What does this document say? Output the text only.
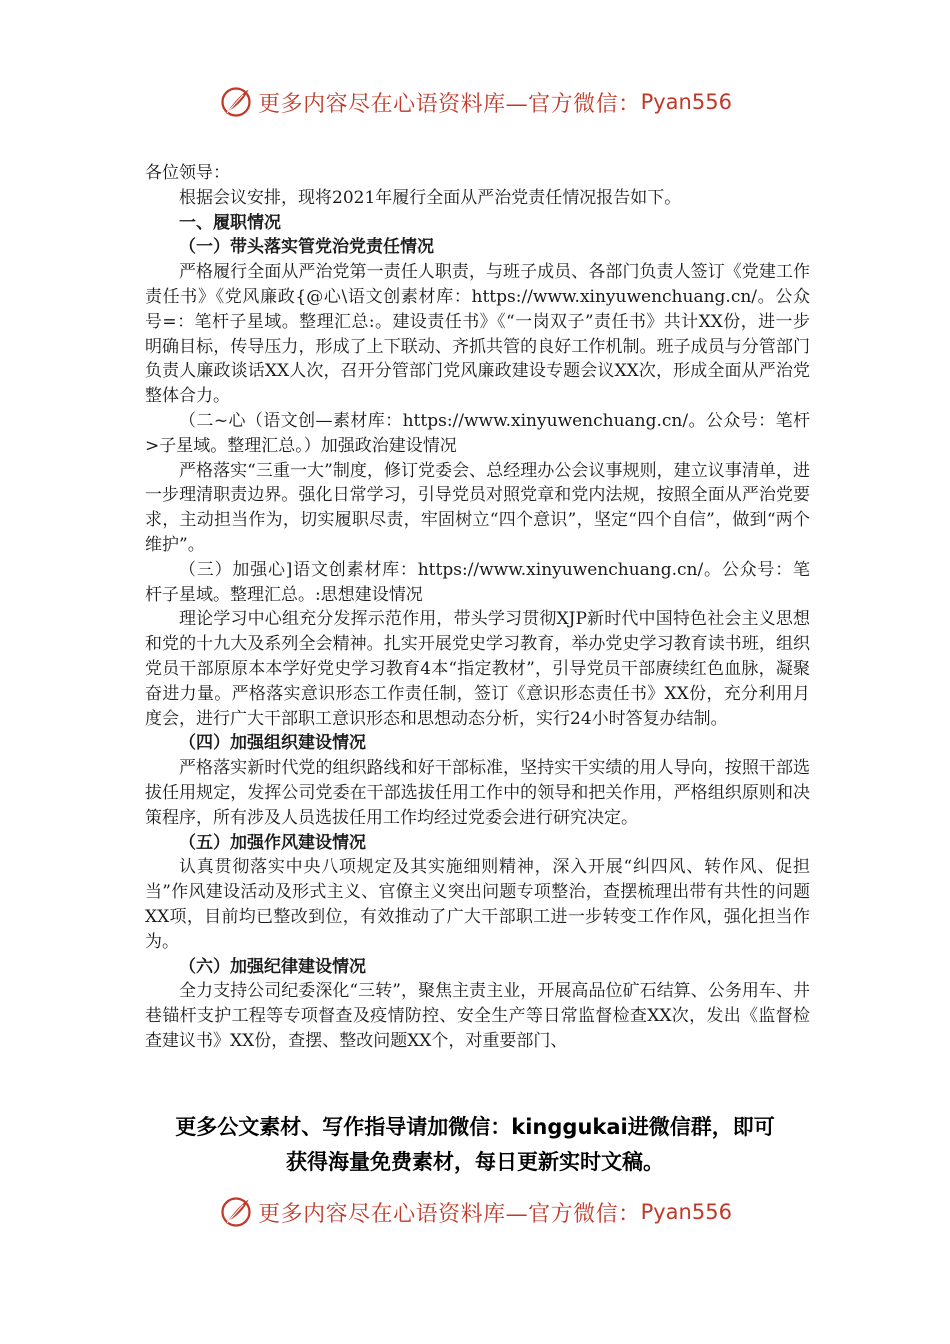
更多内容尽在心语资料库—官方微信： Pyan556

各位领导：

根据会议安排，现将2021年履行全面从严治党责任情况报告如下。

一、履职情况

（一）带头落实管党治党责任情况

严格履行全面从严治党第一责任人职责，与班子成员、各部门负责人签订《党建工作责任书》《党风廉政{@心\语文创素材库：https://www.xinyuwenchuang.cn/。公众号=：笔杆子星域。整理汇总:。建设责任书》《“一岗双子”责任书》共计XX份，进一步明确目标，传导压力，形成了上下联动、齐抓共管的良好工作机制。班子成员与分管部门负责人廉政谈话XX人次，召开分管部门党风廉政建设专题会议XX次，形成全面从严治党整体合力。

（二~心（语文创—素材库：https://www.xinyuwenchuang.cn/。公众号：笔杆>子星域。整理汇总。）加强政治建设情况

严格落实“三重一大”制度，修订党委会、总经理办公会议事规则，建立议事清单，进一步理清职责边界。强化日常学习，引导党员对照党章和党内法规，按照全面从严治党要求，主动担当作为，切实履职尽责，牢固树立“四个意识”，坚定“四个自信”，做到“两个维护”。

（三）加强心]语文创素材库：https://www.xinyuwenchuang.cn/。公众号：笔杆子星域。整理汇总。:思想建设情况

理论学习中心组充分发挥示范作用，带头学习贯彻XJP新时代中国特色社会主义思想和党的十九大及系列全会精神。扎实开展党史学习教育，举办党史学习教育读书班，组织党员干部原原本本学好党史学习教育4本“指定教材”，引导党员干部赓续红色血脉，凝聚奋进力量。严格落实意识形态工作责任制，签订《意识形态责任书》XX份，充分利用月度会，进行广大干部职工意识形态和思想动态分析，实行24小时答复办结制。

（四）加强组织建设情况

严格落实新时代党的组织路线和好干部标准，坚持实干实绩的用人导向，按照干部选拔任用规定，发挥公司党委在干部选拔任用工作中的领导和把关作用，严格组织原则和决策程序，所有涉及人员选拔任用工作均经过党委会进行研究决定。

（五）加强作风建设情况

认真贯彻落实中央八项规定及其实施细则精神，深入开展“纠四风、转作风、促担当”作风建设活动及形式主义、官僚主义突出问题专项整治，查摆梳理出带有共性的问题XX项，目前均已整改到位，有效推动了广大干部职工进一步转变工作作风，强化担当作为。

（六）加强纪律建设情况

全力支持公司纪委深化“三转”，聚焦主责主业，开展高品位矿石结算、公务用车、井巷锚杆支护工程等专项督查及疫情防控、安全生产等日常监督检查XX次，发出《监督检查建议书》XX份，查摆、整改问题XX个，对重要部门、

更多公文素材、写作指导请加微信：kinggukai进微信群，即可
获得海量免费素材，每日更新实时文稿。
更多内容尽在心语资料库—官方微信： Pyan556
